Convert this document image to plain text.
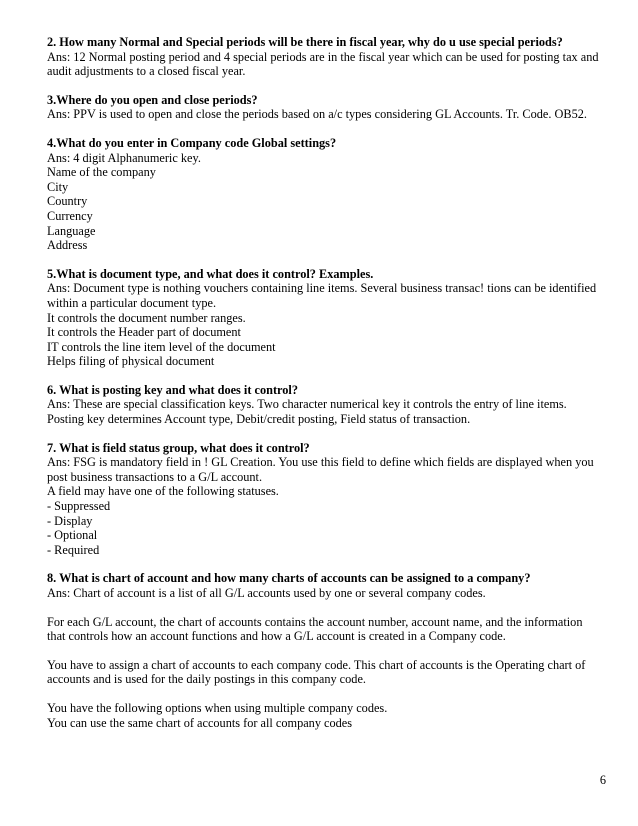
2. How many Normal and Special periods will be there in fiscal year, why do u use special periods?
Ans: 12 Normal posting period and 4 special periods are in the fiscal year which can be used for posting tax and
audit adjustments to a closed fiscal year.
3.Where do you open and close periods?
Ans: PPV is used to open and close the periods based on a/c types considering GL Accounts. Tr. Code. OB52.
4.What do you enter in Company code Global settings?
Ans: 4 digit Alphanumeric key.
Name of the company
City
Country
Currency
Language
Address
5.What is document type, and what does it control? Examples.
Ans: Document type is nothing vouchers containing line items. Several business transac! tions can be identified
within a particular document type.
It controls the document number ranges.
It controls the Header part of document
IT controls the line item level of the document
Helps filing of physical document
6. What is posting key and what does it control?
Ans: These are special classification keys. Two character numerical key it controls the entry of line items.
Posting key determines Account type, Debit/credit posting, Field status of transaction.
7. What is field status group, what does it control?
Ans: FSG is mandatory field in ! GL Creation. You use this field to define which fields are displayed when you
post business transactions to a G/L account.
A field may have one of the following statuses.
- Suppressed
- Display
- Optional
- Required
8. What is chart of account and how many charts of accounts can be assigned to a company?
Ans: Chart of account is a list of all G/L accounts used by one or several company codes.
For each G/L account, the chart of accounts contains the account number, account name, and the information
that controls how an account functions and how a G/L account is created in a Company code.
You have to assign a chart of accounts to each company code. This chart of accounts is the Operating chart of
accounts and is used for the daily postings in this company code.
You have the following options when using multiple company codes.
You can use the same chart of accounts for all company codes
6
